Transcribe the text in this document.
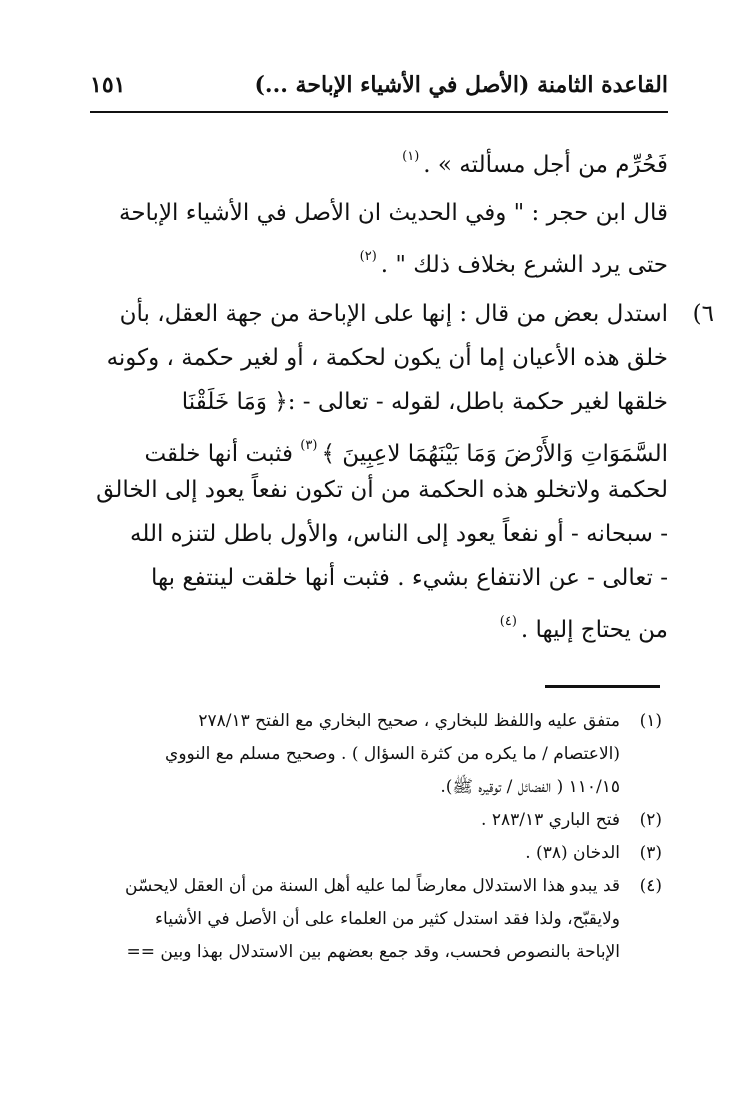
القاعدة الثامنة (الأصل في الأشياء الإباحة ...)
١٥١
فَحُرِّم من أجل مسألته » .$^{(١)}$
قال ابن حجر : " وفي الحديث ان الأصل في الأشياء الإباحة
حتى يرد الشرع بخلاف ذلك " .$^{(٢)}$
٦)
استدل بعض من قال : إنها على الإباحة من جهة العقل، بأن
خلق هذه الأعيان إما أن يكون لحكمة ، أو لغير حكمة ، وكونه
خلقها لغير حكمة باطل، لقوله - تعالى - :﴿ وَمَا خَلَقْنَا
السَّمَوَاتِ وَالأَرْضَ وَمَا بَيْنَهُمَا لاعِبِينَ ﴾$^{(٣)}$ فثبت أنها خلقت
لحكمة ولاتخلو هذه الحكمة من أن تكون نفعاً يعود إلى الخالق
- سبحانه - أو نفعاً يعود إلى الناس، والأول باطل لتنزه الله
- تعالى - عن الانتفاع بشيء . فثبت أنها خلقت لينتفع بها
من يحتاج إليها .$^{(٤)}$
(١)متفق عليه واللفظ للبخاري ، صحيح البخاري مع الفتح ٢٧٨/١٣
(الاعتصام / ما يكره من كثرة السؤال ) . وصحيح مسلم مع النووي
١١٠/١٥ ( الفضائل / توقيره ﷺ).
(٢)فتح الباري ٢٨٣/١٣ .
(٣)الدخان (٣٨) .
(٤)قد يبدو هذا الاستدلال معارضاً لما عليه أهل السنة من أن العقل لايحسّن
ولايقبّح، ولذا فقد استدل كثير من العلماء على أن الأصل في الأشياء
الإباحة بالنصوص فحسب، وقد جمع بعضهم بين الاستدلال بهذا وبين ==
